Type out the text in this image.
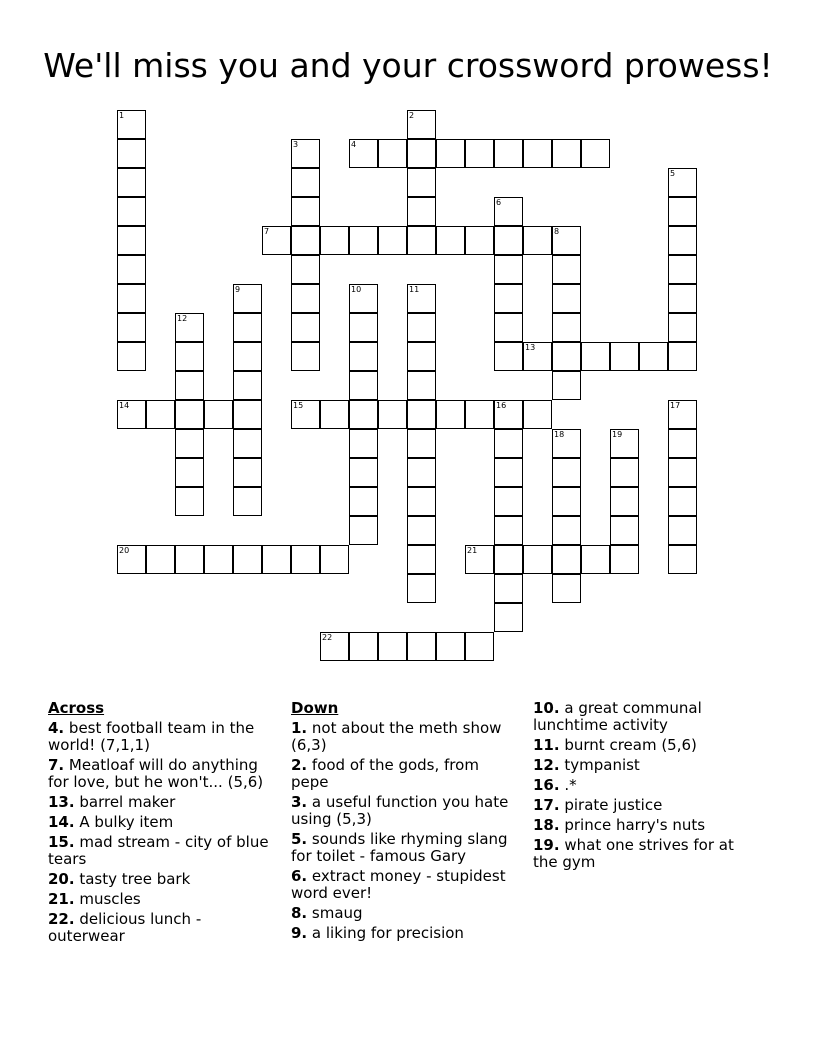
We'll miss you and your crossword prowess!
1	2
3	4
5
6
7	8
9	10	11
12
13
14	15	16	17
18	19
20	21
22
Across
4. best football team in the world! (7,1,1)
7. Meatloaf will do anything for love, but he won't... (5,6)
13. barrel maker
14. A bulky item
15. mad stream - city of blue tears
20. tasty tree bark
21. muscles
22. delicious lunch - outerwear
Down
1. not about the meth show (6,3)
2. food of the gods, from pepe
3. a useful function you hate using (5,3)
5. sounds like rhyming slang for toilet - famous Gary
6. extract money - stupidest word ever!
8. smaug
9. a liking for precision
10. a great communal lunchtime activity
11. burnt cream (5,6)
12. tympanist
16. .*
17. pirate justice
18. prince harry's nuts
19. what one strives for at the gym
